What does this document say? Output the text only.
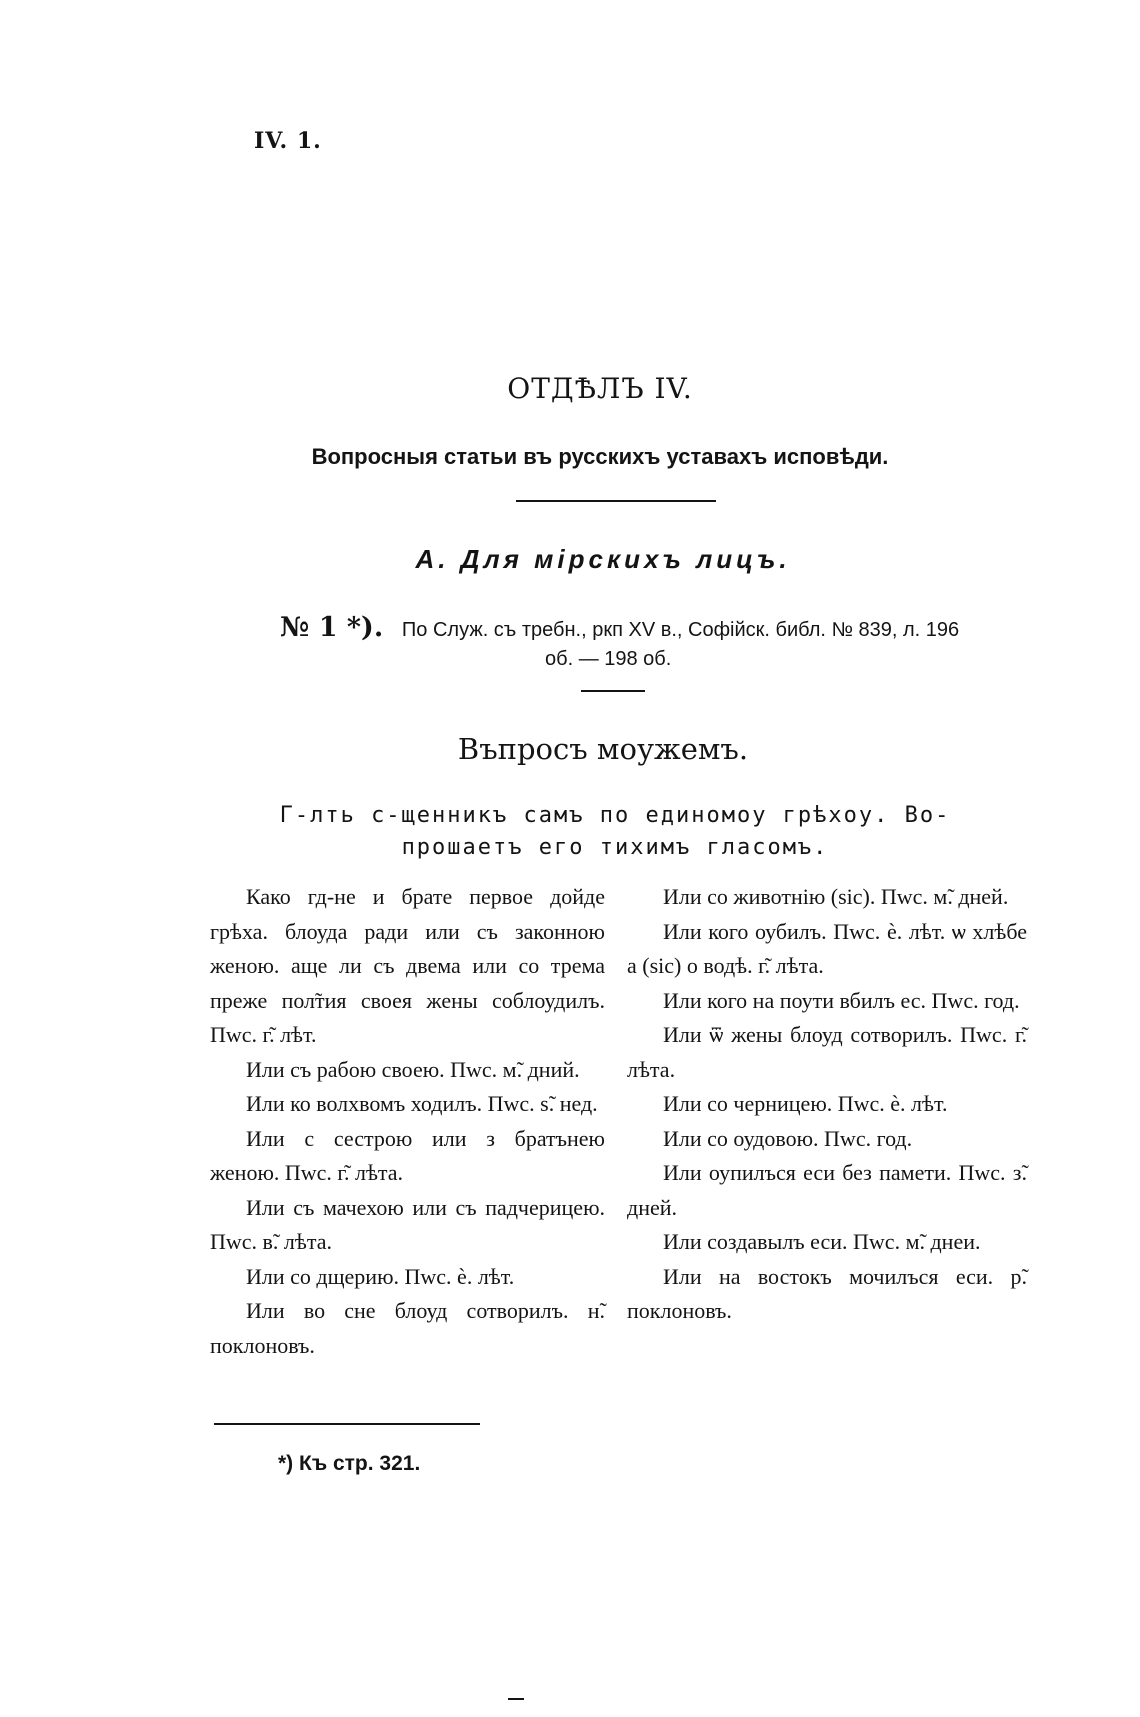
IV. 1.
ОТДѢЛЪ IV.
Вопросныя статьи въ русскихъ уставахъ исповѣди.
А. Для мірскихъ лицъ.
№ 1 *). По Служ. съ требн., ркп XV в., Софійск. библ. № 839, л. 196
об. — 198 об.
Въпросъ моужемъ.
Г-лть с-щенникъ самъ по единомоу грѣхоу. Во-
прошаетъ его тихимъ гласомъ.
Како гд-не и брате первое дойде грѣха. блоуда ради или съ законною женою. аще ли съ двема или со трема преже пол̃тия своея жены соблоудилъ. Пwс. г̃. лѣт.
Или съ рабою своею. Пwс. м̃. дний.
Или ко волхвомъ ходилъ. Пwс. ѕ̃. нед.
Или с сестрою или з братънею женою. Пwс. г̃. лѣта.
Или съ мачехою или съ падчерицею. Пwс. в̃. лѣта.
Или со дщерию. Пwс. ѐ. лѣт.
Или во сне блоуд сотворилъ. н̃. поклоновъ.
Или со животнію (sic). Пwс. м̃. дней.
Или кого оубилъ. Пwс. ѐ. лѣт. ѡ хлѣбе а (sic) о водѣ. г̃. лѣта.
Или кого на поути вбилъ ес. Пwс. год.
Или ѿ жены блоуд сотворилъ. Пwс. г̃. лѣта.
Или со черницею. Пwс. ѐ. лѣт.
Или со оудовою. Пwс. год.
Или оупилъся еси без памети. Пwс. з̃. дней.
Или создавылъ еси. Пwс. м̃. днеи.
Или на востокъ мочилъся еси. р̃. поклоновъ.
*) Къ стр. 321.
